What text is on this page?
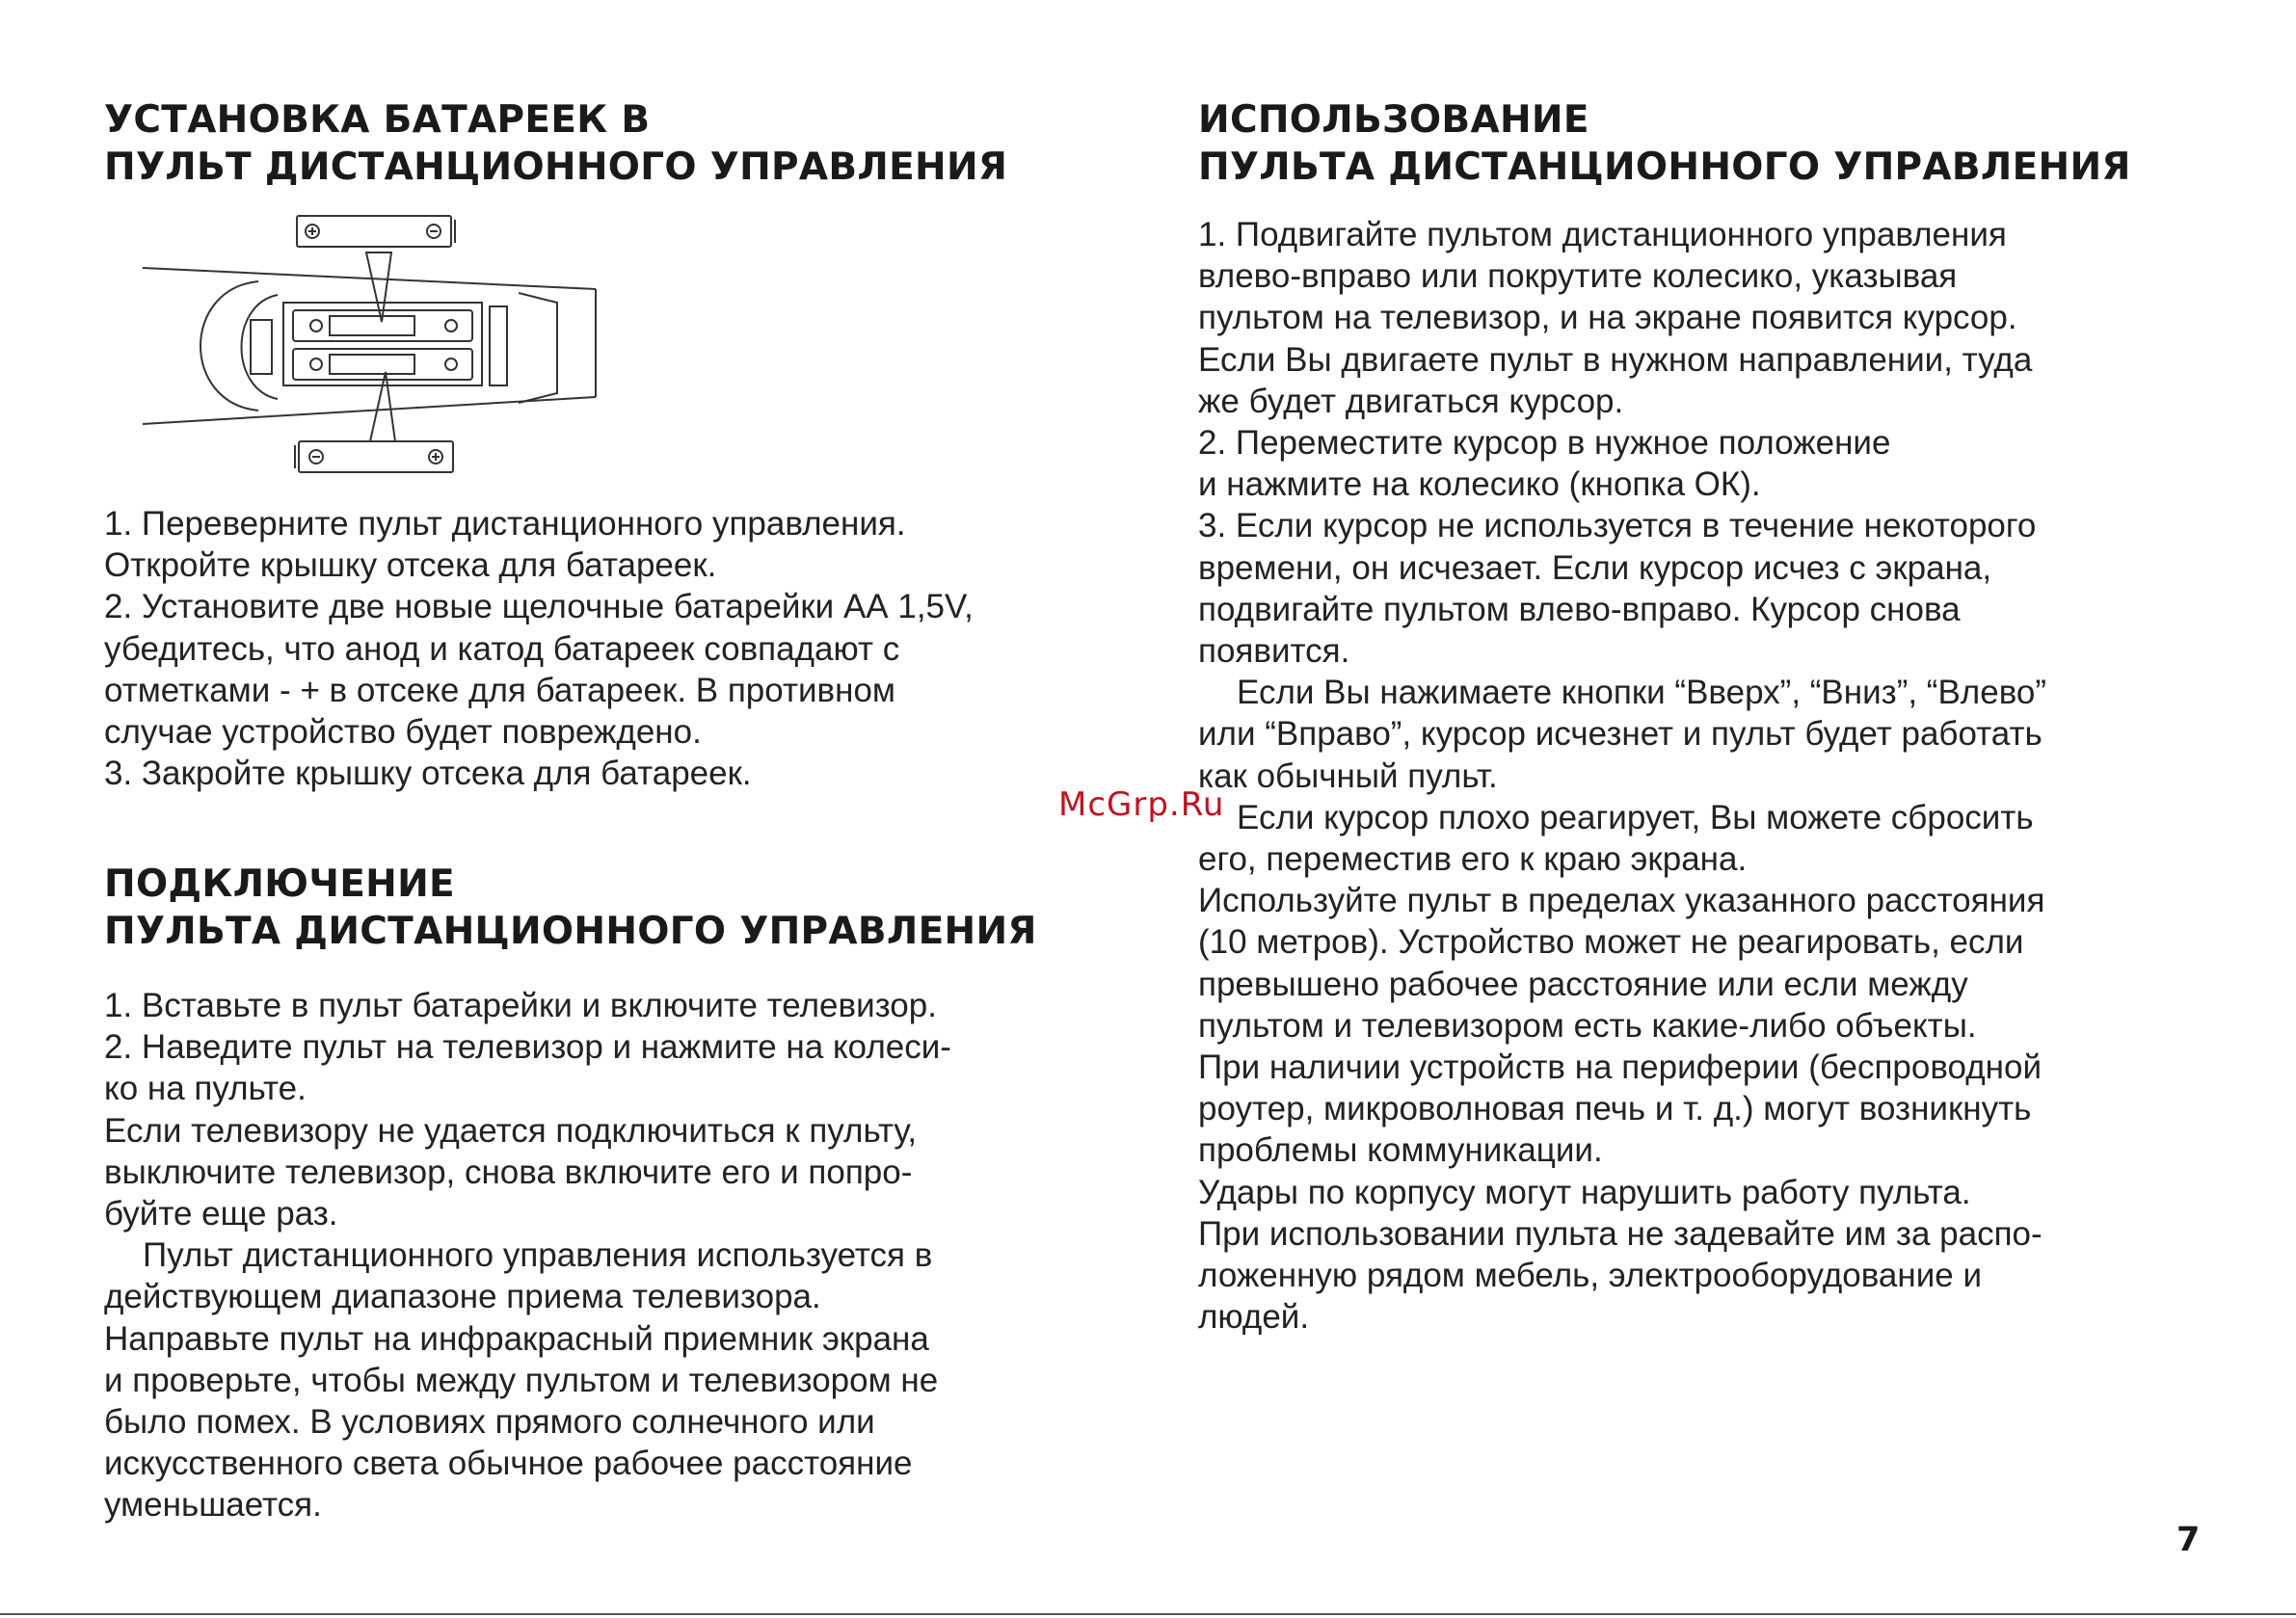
УСТАНОВКА БАТАРЕЕК В
ПУЛЬТ ДИСТАНЦИОННОГО УПРАВЛЕНИЯ
1. Переверните пульт дистанционного управления.
Откройте крышку отсека для батареек.
2. Установите две новые щелочные батарейки АА 1,5V,
убедитесь, что анод и катод батареек совпадают с
отметками - + в отсеке для батареек. В противном
случае устройство будет повреждено.
3. Закройте крышку отсека для батареек.
ПОДКЛЮЧЕНИЕ
ПУЛЬТА ДИСТАНЦИОННОГО УПРАВЛЕНИЯ
1. Вставьте в пульт батарейки и включите телевизор.
2. Наведите пульт на телевизор и нажмите на колеси-
ко на пульте.
Если телевизору не удается подключиться к пульту,
выключите телевизор, снова включите его и попро-
буйте еще раз.
Пульт дистанционного управления используется в
действующем диапазоне приема телевизора.
Направьте пульт на инфракрасный приемник экрана
и проверьте, чтобы между пультом и телевизором не
было помех. В условиях прямого солнечного или
искусственного света обычное рабочее расстояние
уменьшается.
ИСПОЛЬЗОВАНИЕ
ПУЛЬТА ДИСТАНЦИОННОГО УПРАВЛЕНИЯ
1. Подвигайте пультом дистанционного управления
влево-вправо или покрутите колесико, указывая
пультом на телевизор, и на экране появится курсор.
Если Вы двигаете пульт в нужном направлении, туда
же будет двигаться курсор.
2. Переместите курсор в нужное положение
и нажмите на колесико (кнопка ОК).
3. Если курсор не используется в течение некоторого
времени, он исчезает. Если курсор исчез с экрана,
подвигайте пультом влево-вправо. Курсор снова
появится.
Если Вы нажимаете кнопки “Вверх”, “Вниз”, “Влево”
или “Вправо”, курсор исчезнет и пульт будет работать
как обычный пульт.
Если курсор плохо реагирует, Вы можете сбросить
его, переместив его к краю экрана.
Используйте пульт в пределах указанного расстояния
(10 метров). Устройство может не реагировать, если
превышено рабочее расстояние или если между
пультом и телевизором есть какие-либо объекты.
При наличии устройств на периферии (беспроводной
роутер, микроволновая печь и т. д.) могут возникнуть
проблемы коммуникации.
Удары по корпусу могут нарушить работу пульта.
При использовании пульта не задевайте им за распо-
ложенную рядом мебель, электрооборудование и
людей.
McGrp.Ru
7
